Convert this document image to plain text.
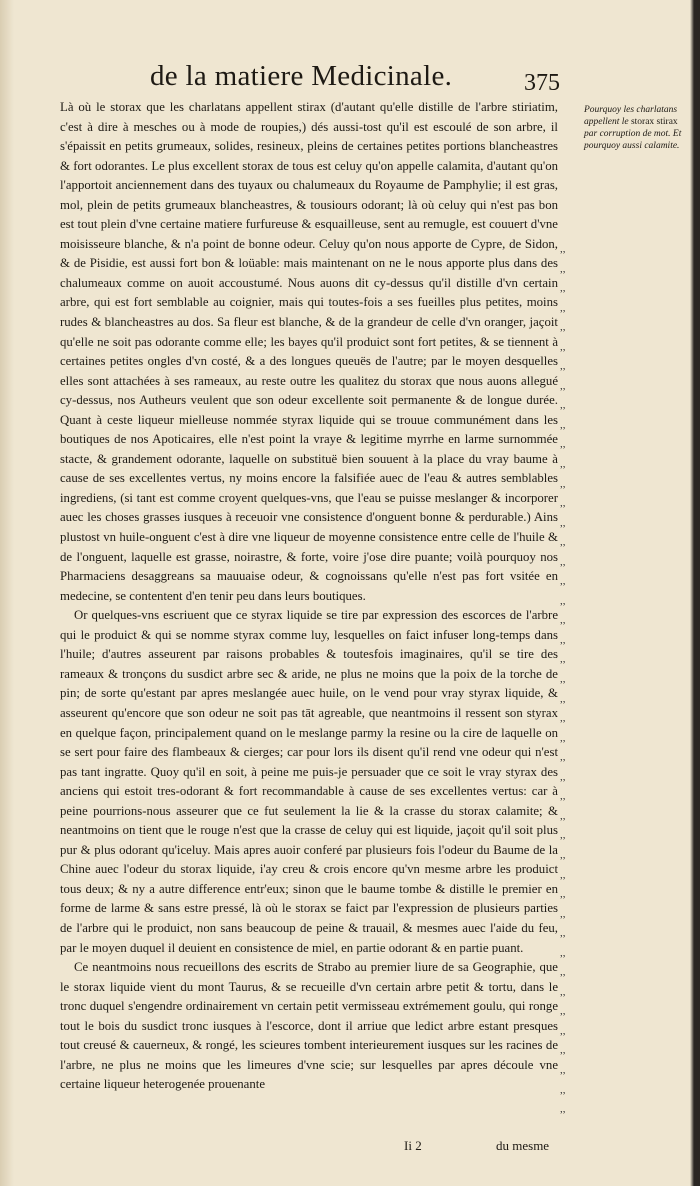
de la matiere Medicinale.	375

Là où le storax que les charlatans appellent stirax (d'autant qu'elle distille de l'arbre stiriatim, c'est à dire à mesches ou à mode de roupies,) dés aussi-tost qu'il est escoulé de son arbre, il s'épaissit en petits grumeaux, solides, resineux, pleins de certaines petites portions blancheastres & fort odorantes. Le plus excellent storax de tous est celuy qu'on appelle calamita, d'autant qu'on l'apportoit anciennement dans des tuyaux ou chalumeaux du Royaume de Pamphylie; il est gras, mol, plein de petits grumeaux blancheastres, & tousiours odorant; là où celuy qui n'est pas bon est tout plein d'vne certaine matiere furfureuse & esquailleuse, sent au remugle, est couuert d'vne moisisseure blanche, & n'a point de bonne odeur. Celuy qu'on nous apporte de Cypre, de Sidon, & de Pisidie, est aussi fort bon & loüable: mais maintenant on ne le nous apporte plus dans des chalumeaux comme on auoit accoustumé. Nous auons dit cy-dessus qu'il distille d'vn certain arbre, qui est fort semblable au coignier, mais qui toutes-fois a ses fueilles plus petites, moins rudes & blancheastres au dos. Sa fleur est blanche, & de la grandeur de celle d'vn oranger, jaçoit qu'elle ne soit pas odorante comme elle; les bayes qu'il produict sont fort petites, & se tiennent à certaines petites ongles d'vn costé, & a des longues queuës de l'autre; par le moyen desquelles elles sont attachées à ses rameaux, au reste outre les qualitez du storax que nous auons allegué cy-dessus, nos Autheurs veulent que son odeur excellente soit permanente & de longue durée. Quant à ceste liqueur mielleuse nommée styrax liquide qui se trouue communément dans les boutiques de nos Apoticaires, elle n'est point la vraye & legitime myrrhe en larme surnommée stacte, & grandement odorante, laquelle on substituë bien souuent à la place du vray baume à cause de ses excellentes vertus, ny moins encore la falsifiée auec de l'eau & autres semblables ingrediens, (si tant est comme croyent quelques-vns, que l'eau se puisse meslanger & incorporer auec les choses grasses iusques à receuoir vne consistence d'onguent bonne & perdurable.) Ains plustost vn huile-onguent c'est à dire vne liqueur de moyenne consistence entre celle de l'huile & de l'onguent, laquelle est grasse, noirastre, & forte, voire j'ose dire puante; voilà pourquoy nos Pharmaciens desaggreans sa mauuaise odeur, & cognoissans qu'elle n'est pas fort vsitée en medecine, se contentent d'en tenir peu dans leurs boutiques.

Or quelques-vns escriuent que ce styrax liquide se tire par expression des escorces de l'arbre qui le produict & qui se nomme styrax comme luy, lesquelles on faict infuser long-temps dans l'huile; d'autres asseurent par raisons probables & toutesfois imaginaires, qu'il se tire des rameaux & tronçons du susdict arbre sec & aride, ne plus ne moins que la poix de la torche de pin; de sorte qu'estant par apres meslangée auec huile, on le vend pour vray styrax liquide, & asseurent qu'encore que son odeur ne soit pas tāt agreable, que neantmoins il ressent son styrax en quelque façon, principalement quand on le meslange parmy la resine ou la cire de laquelle on se sert pour faire des flambeaux & cierges; car pour lors ils disent qu'il rend vne odeur qui n'est pas tant ingratte. Quoy qu'il en soit, à peine me puis-je persuader que ce soit le vray styrax des anciens qui estoit tres-odorant & fort recommandable à cause de ses excellentes vertus: car à peine pourrions-nous asseurer que ce fut seulement la lie & la crasse du storax calamite; & neantmoins on tient que le rouge n'est que la crasse de celuy qui est liquide, jaçoit qu'il soit plus pur & plus odorant qu'iceluy. Mais apres auoir conferé par plusieurs fois l'odeur du Baume de la Chine auec l'odeur du storax liquide, i'ay creu & crois encore qu'vn mesme arbre les produict tous deux; & ny a autre difference entr'eux; sinon que le baume tombe & distille le premier en forme de larme & sans estre pressé, là où le storax se faict par l'expression de plusieurs parties de l'arbre qui le produict, non sans beaucoup de peine & trauail, & mesmes auec l'aide du feu, par le moyen duquel il deuient en consistence de miel, en partie odorant & en partie puant.

Ce neantmoins nous recueillons des escrits de Strabo au premier liure de sa Geographie, que le storax liquide vient du mont Taurus, & se recueille d'vn certain arbre petit & tortu, dans le tronc duquel s'engendre ordinairement vn certain petit vermisseau extrémement goulu, qui ronge tout le bois du susdict tronc iusques à l'escorce, dont il arriue que ledict arbre estant presques tout creusé & cauerneux, & rongé, les scieures tombent interieurement iusques sur les racines de l'arbre, ne plus ne moins que les limeures d'vne scie; sur lesquelles par apres découle vne certaine liqueur heterogenée prouenante

,,
,,
,,
,,
,,
,,
,,
,,
,,
,,
,,
,,
,,
,,
,,
,,
,,
,,
,,
,,
,,
,,
,,
,,
,,
,,
,,
,,
,,
,,
,,
,,
,,
,,
,,
,,
,,
,,
,,
,,
,,
,,
,,
,,
,,
Pourquoy les charlatans appellent le storax stirax par corruption de mot. Et pourquoy aussi calamite.
Ii 2	du mesme
